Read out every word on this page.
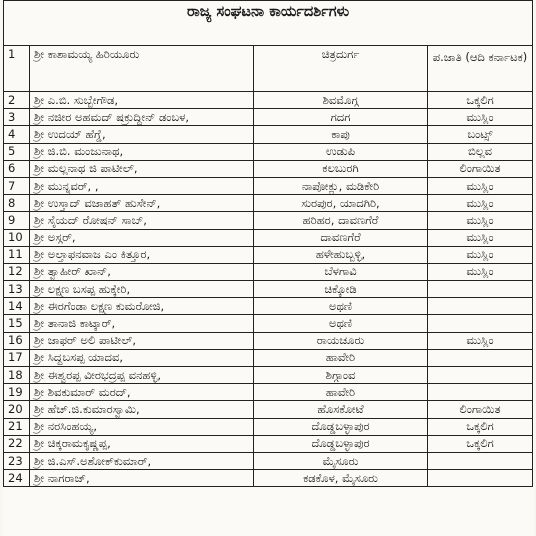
ರಾಜ್ಯ ಸಂಘಟನಾ ಕಾರ್ಯದರ್ಶಿಗಳು			
1	ಶ್ರೀ ಕಾಶಾಮಯ್ಯ ಹಿರಿಯೂರು	ಚಿತ್ರದುರ್ಗ	ಪ.ಜಾತಿ (ಆದಿ ಕರ್ನಾಟಕ)
2	ಶ್ರೀ ಎ.ಬಿ. ಸುಬ್ಬೇಗೌಡ,	ಶಿವಮೊಗ್ಗ	ಒಕ್ಕಲಿಗ
3	ಶ್ರೀ ನಜೀರ ಅಹಮದ್ ಷಕ್ರುದ್ದೀನ್ ಡಂಬಳ,	ಗದಗ	ಮುಸ್ಲಿಂ
4	ಶ್ರೀ ಉದಯ್ ಹೆಗ್ಡೆ,	ಕಾಪು	ಬಂಟ್ಸ್
5	ಶ್ರೀ ಜಿ.ಬಿ. ಮಂಜುನಾಥ,	ಉಡುಪಿ	ಬಿಲ್ಲವ
6	ಶ್ರೀ ಮಲ್ಲನಾಥ ಜಿ ಪಾಟೀಲ್,	ಕಲಬುರಗಿ	ಲಿಂಗಾಯಿತ
7	ಶ್ರೀ ಮುನ್ನವರ್, ,	ನಾಪೋಕ್ಲು, ಮಡಿಕೇರಿ	ಮುಸ್ಲಿಂ
8	ಶ್ರೀ ಉಸ್ತಾದ್ ವಜಾಹತ್ ಹುಸೇನ್,	ಸುರಪುರ, ಯಾದಗಿರಿ,	ಮುಸ್ಲಿಂ
9	ಶ್ರೀ ಸೈಯದ್ ರೋಷನ್ ಸಾಬ್,	ಹರಿಹರ, ದಾವಣಗೆರೆ	ಮುಸ್ಲಿಂ
10	ಶ್ರೀ ಅಸ್ಗರ್,	ದಾವಣಗೆರೆ	ಮುಸ್ಲಿಂ
11	ಶ್ರೀ ಅಲ್ತಾಫನವಾಜ ಎಂ ಕಿತ್ತೂರ,	ಹಳೇಹುಬ್ಬಳ್ಳಿ,	ಮುಸ್ಲಿಂ
12	ಶ್ರೀ ತ್ವಾಹೀರ್ ಖಾನ್,	ಬೆಳಗಾವಿ	ಮುಸ್ಲಿಂ
13	ಶ್ರೀ ಲಕ್ಷ್ಮಣ ಬಸಪ್ಪ ಹುಕ್ಕೇರಿ,	ಚಿಕ್ಕೋಡಿ	
14	ಶ್ರೀ ಈರಗೆಂಡಾ ಲಕ್ಷ್ಮಣ ಕುಮರೋಜಿ,	ಅಥಣಿ	
15	ಶ್ರೀ ತಾನಾಜಿ ಕಾಟ್ಕಾರ್,	ಅಥಣಿ	
16	ಶ್ರೀ ಜಾಫರ್ ಅಲಿ ಪಾಟೀಲ್,	ರಾಯಚೂರು	ಮುಸ್ಲಿಂ
17	ಶ್ರೀ ಸಿದ್ದಬಸಪ್ಪ ಯಾದವ,	ಹಾವೇರಿ	
18	ಶ್ರೀ ಈಶ್ವರಪ್ಪ ವೀರಭದ್ರಪ್ಪ ವನಹಳ್ಳಿ,	ಶಿಗ್ಗಾಂವ	
19	ಶ್ರೀ ಶಿವಕುಮಾರ್ ಮರದ್,	ಹಾವೇರಿ	
20	ಶ್ರೀ ಹೆಚ್.ಜಿ.ಕುಮಾರಸ್ವಾಮಿ,	ಹೊಸಕೋಟೆ	ಲಿಂಗಾಯಿತ
21	ಶ್ರೀ ನರಸಿಂಹಯ್ಯ,	ದೊಡ್ಡಬಳ್ಳಾಪುರ	ಒಕ್ಕಲಿಗ
22	ಶ್ರೀ ಚಿಕ್ಕರಾಮಕೃಷ್ಣಪ್ಪ,	ದೊಡ್ಡಬಳ್ಳಾಪುರ	ಒಕ್ಕಲಿಗ
23	ಶ್ರೀ ಜಿ.ಎಸ್.ಅಶೋಕ್‌ಕುಮಾರ್,	ಮೈಸೂರು	
24	ಶ್ರೀ ನಾಗರಾಜ್,	ಕಡಕೊಳ, ಮೈಸೂರು	
